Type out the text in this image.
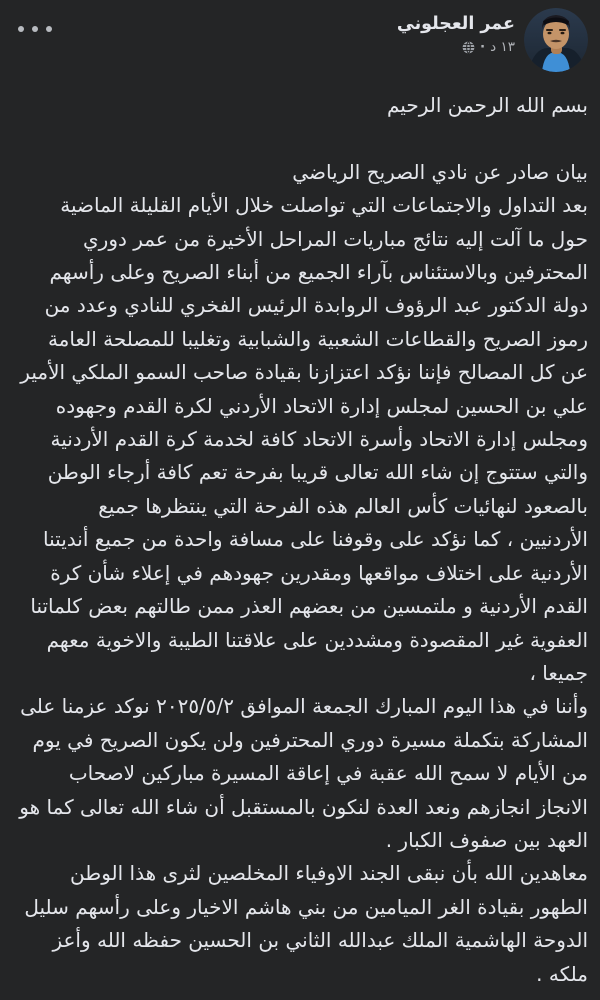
عمر العجلوني
١٣ د
·
بسم الله الرحمن الرحيم

بيان صادر عن نادي الصريح الرياضي
بعد التداول والاجتماعات التي تواصلت خلال الأيام القليلة الماضية
حول ما آلت إليه نتائج مباريات المراحل الأخيرة من عمر دوري
المحترفين وبالاستئناس بآراء الجميع من أبناء الصريح وعلى رأسهم
دولة الدكتور عبد الرؤوف الروابدة الرئيس الفخري للنادي وعدد من
رموز الصريح والقطاعات الشعبية والشبابية وتغليبا للمصلحة العامة
عن كل المصالح فإننا نؤكد اعتزازنا بقيادة صاحب السمو الملكي الأمير
علي بن الحسين لمجلس إدارة الاتحاد الأردني لكرة القدم وجهوده
ومجلس إدارة الاتحاد وأسرة الاتحاد كافة لخدمة كرة القدم الأردنية
والتي ستتوج إن شاء الله تعالى قريبا بفرحة تعم كافة أرجاء الوطن
بالصعود لنهائيات كأس العالم هذه الفرحة التي ينتظرها جميع
الأردنيين ، كما نؤكد على وقوفنا على مسافة واحدة من جميع أنديتنا
الأردنية على اختلاف مواقعها ومقدرين جهودهم في إعلاء شأن كرة
القدم الأردنية و ملتمسين من بعضهم العذر ممن طالتهم بعض كلماتنا
العفوية غير المقصودة ومشددين على علاقتنا الطيبة والاخوية معهم
جميعا ،
وأننا في هذا اليوم المبارك الجمعة الموافق ٢٠٢٥/٥/٢ نوكد عزمنا على
المشاركة بتكملة مسيرة دوري المحترفين ولن يكون الصريح في يوم
من الأيام لا سمح الله عقبة في إعاقة المسيرة مباركين لاصحاب
الانجاز انجازهم ونعد العدة لنكون بالمستقبل أن شاء الله تعالى كما هو
العهد بين صفوف الكبار .
معاهدين الله بأن نبقى الجند الاوفياء المخلصين لثرى هذا الوطن
الطهور بقيادة الغر الميامين من بني هاشم الاخيار وعلى رأسهم سليل
الدوحة الهاشمية الملك عبدالله الثاني بن الحسين حفظه الله وأعز
ملكه .
